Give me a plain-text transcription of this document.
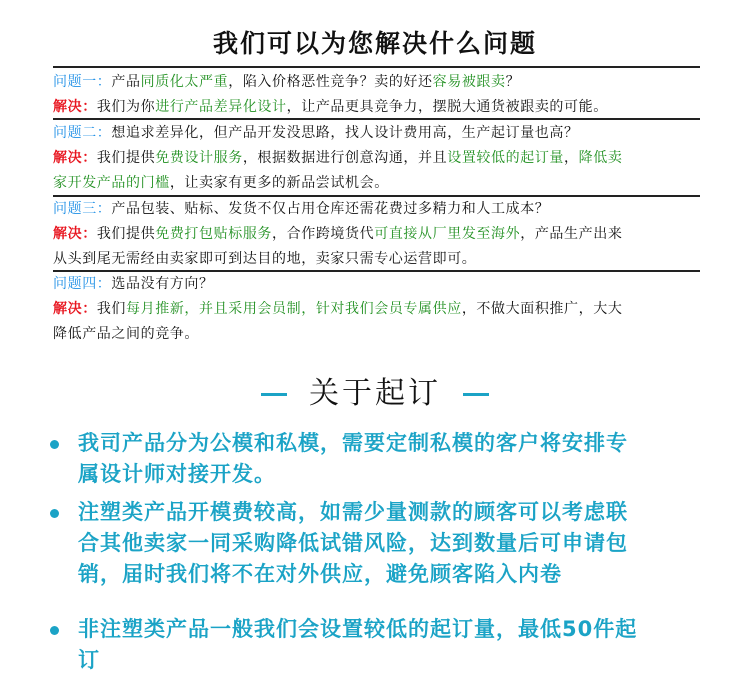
我们可以为您解决什么问题
问题一：产品同质化太严重，陷入价格恶性竞争？卖的好还容易被跟卖？
解决：我们为你进行产品差异化设计，让产品更具竞争力，摆脱大通货被跟卖的可能。
问题二：想追求差异化，但产品开发没思路，找人设计费用高，生产起订量也高？
解决：我们提供免费设计服务，根据数据进行创意沟通，并且设置较低的起订量，降低卖
家开发产品的门槛，让卖家有更多的新品尝试机会。
问题三：产品包装、贴标、发货不仅占用仓库还需花费过多精力和人工成本？
解决：我们提供免费打包贴标服务，合作跨境货代可直接从厂里发至海外，产品生产出来
从头到尾无需经由卖家即可到达目的地，卖家只需专心运营即可。
问题四：选品没有方向？
解决：我们每月推新，并且采用会员制，针对我们会员专属供应，不做大面积推广，大大
降低产品之间的竞争。
关于起订
我司产品分为公模和私模，需要定制私模的客户将安排专
属设计师对接开发。
注塑类产品开模费较高，如需少量测款的顾客可以考虑联
合其他卖家一同采购降低试错风险，达到数量后可申请包
销，届时我们将不在对外供应，避免顾客陷入内卷
非注塑类产品一般我们会设置较低的起订量，最低50件起
订
